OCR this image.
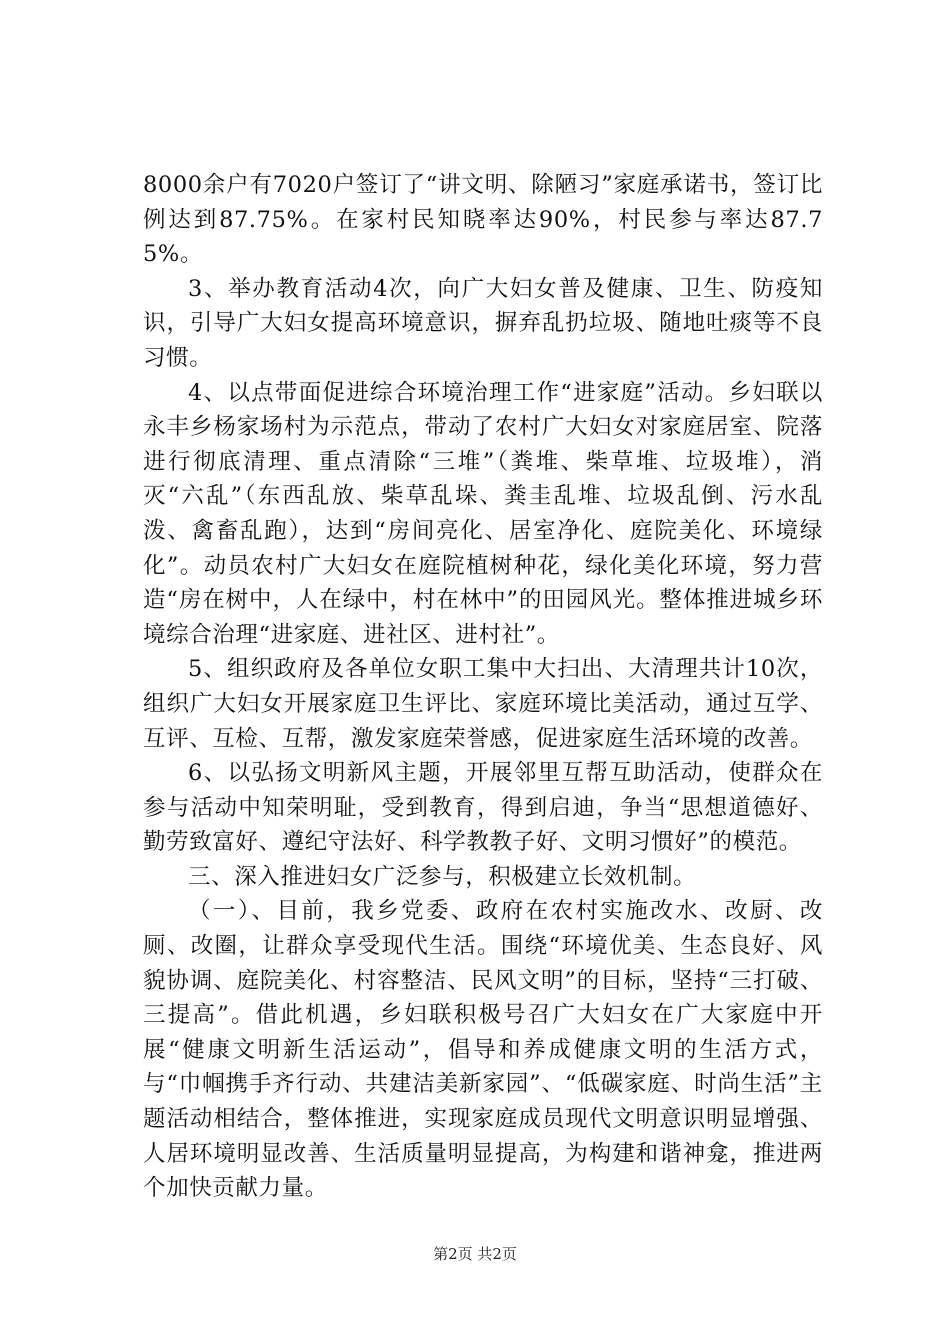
8000余户有7020户签订了“讲文明、除陋习”家庭承诺书，签订比例达到87.75%。在家村民知晓率达90%，村民参与率达87.75%。

3、举办教育活动4次，向广大妇女普及健康、卫生、防疫知识，引导广大妇女提高环境意识，摒弃乱扔垃圾、随地吐痰等不良习惯。

4、以点带面促进综合环境治理工作“进家庭”活动。乡妇联以永丰乡杨家场村为示范点，带动了农村广大妇女对家庭居室、院落进行彻底清理、重点清除“三堆”（粪堆、柴草堆、垃圾堆），消灭“六乱”（东西乱放、柴草乱垛、粪圭乱堆、垃圾乱倒、污水乱泼、禽畜乱跑），达到“房间亮化、居室净化、庭院美化、环境绿化”。动员农村广大妇女在庭院植树种花，绿化美化环境，努力营造“房在树中，人在绿中，村在林中”的田园风光。整体推进城乡环境综合治理“进家庭、进社区、进村社”。

5、组织政府及各单位女职工集中大扫出、大清理共计10次，组织广大妇女开展家庭卫生评比、家庭环境比美活动，通过互学、互评、互检、互帮，激发家庭荣誉感，促进家庭生活环境的改善。

6、以弘扬文明新风主题，开展邻里互帮互助活动，使群众在参与活动中知荣明耻，受到教育，得到启迪，争当“思想道德好、勤劳致富好、遵纪守法好、科学教教子好、文明习惯好”的模范。

三、深入推进妇女广泛参与，积极建立长效机制。

（一）、目前，我乡党委、政府在农村实施改水、改厨、改厕、改圈，让群众享受现代生活。围绕“环境优美、生态良好、风貌协调、庭院美化、村容整洁、民风文明”的目标，坚持“三打破、三提高”。借此机遇，乡妇联积极号召广大妇女在广大家庭中开展“健康文明新生活运动”，倡导和养成健康文明的生活方式，与“巾帼携手齐行动、共建洁美新家园”、“低碳家庭、时尚生活”主题活动相结合，整体推进，实现家庭成员现代文明意识明显增强、人居环境明显改善、生活质量明显提高，为构建和谐神龛，推进两个加快贡献力量。

第2页 共2页
